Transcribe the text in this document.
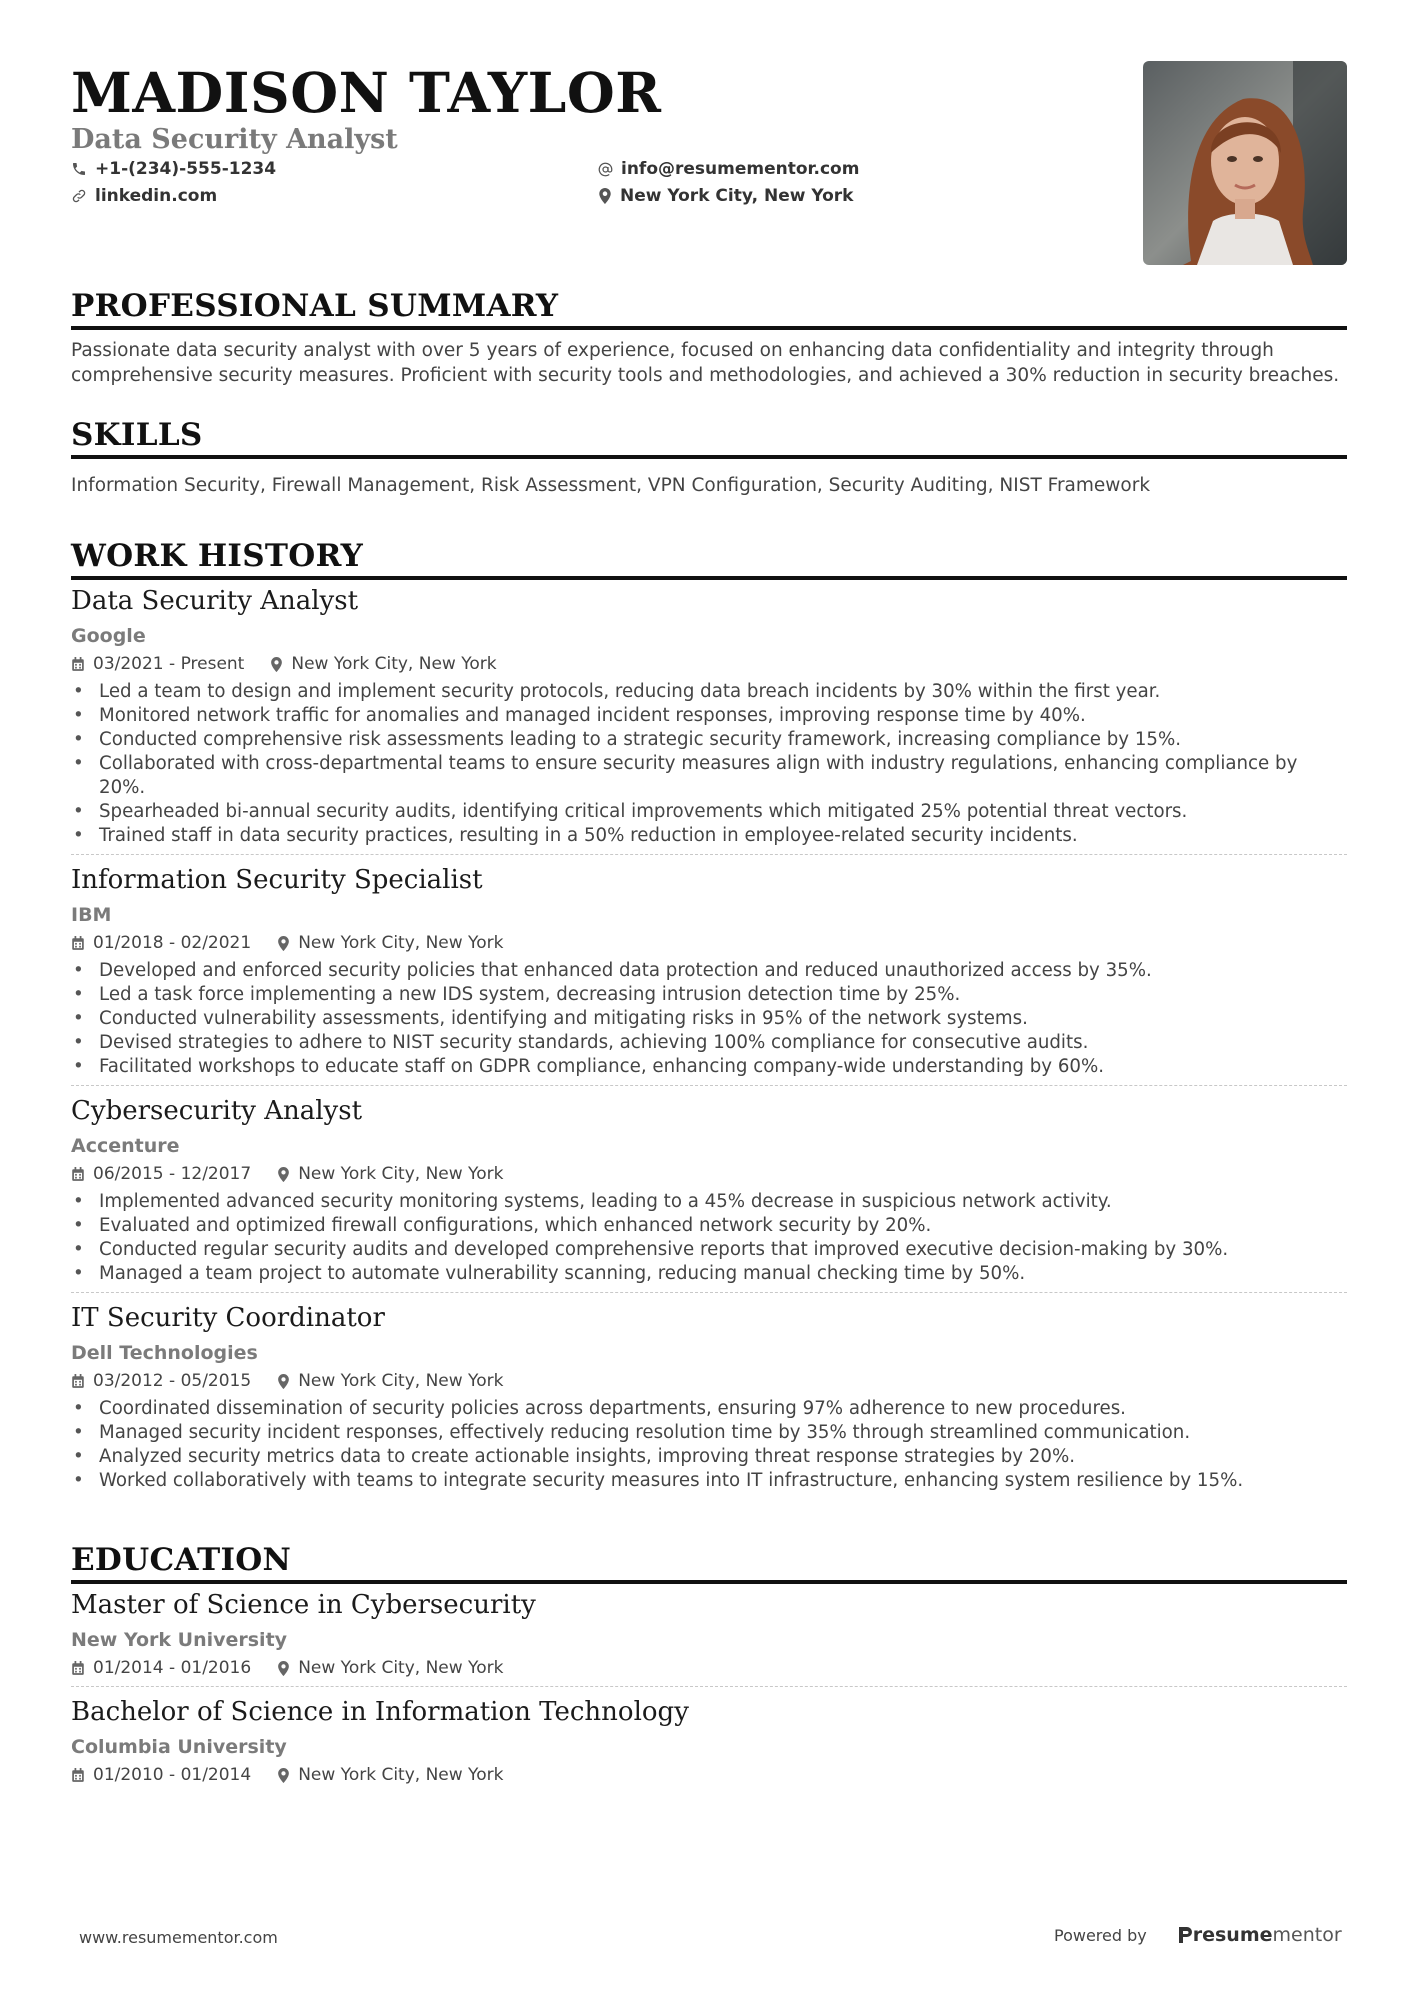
MADISON TAYLOR
Data Security Analyst
+1-(234)-555-1234	info@resumementor.com
linkedin.com	New York City, New York
PROFESSIONAL SUMMARY
Passionate data security analyst with over 5 years of experience, focused on enhancing data confidentiality and integrity through comprehensive security measures. Proficient with security tools and methodologies, and achieved a 30% reduction in security breaches.
SKILLS
Information Security, Firewall Management, Risk Assessment, VPN Configuration, Security Auditing, NIST Framework
WORK HISTORY
Data Security Analyst
Google
03/2021 - Present	New York City, New York
• Led a team to design and implement security protocols, reducing data breach incidents by 30% within the first year.
• Monitored network traffic for anomalies and managed incident responses, improving response time by 40%.
• Conducted comprehensive risk assessments leading to a strategic security framework, increasing compliance by 15%.
• Collaborated with cross-departmental teams to ensure security measures align with industry regulations, enhancing compliance by 20%.
• Spearheaded bi-annual security audits, identifying critical improvements which mitigated 25% potential threat vectors.
• Trained staff in data security practices, resulting in a 50% reduction in employee-related security incidents.
Information Security Specialist
IBM
01/2018 - 02/2021	New York City, New York
• Developed and enforced security policies that enhanced data protection and reduced unauthorized access by 35%.
• Led a task force implementing a new IDS system, decreasing intrusion detection time by 25%.
• Conducted vulnerability assessments, identifying and mitigating risks in 95% of the network systems.
• Devised strategies to adhere to NIST security standards, achieving 100% compliance for consecutive audits.
• Facilitated workshops to educate staff on GDPR compliance, enhancing company-wide understanding by 60%.
Cybersecurity Analyst
Accenture
06/2015 - 12/2017	New York City, New York
• Implemented advanced security monitoring systems, leading to a 45% decrease in suspicious network activity.
• Evaluated and optimized firewall configurations, which enhanced network security by 20%.
• Conducted regular security audits and developed comprehensive reports that improved executive decision-making by 30%.
• Managed a team project to automate vulnerability scanning, reducing manual checking time by 50%.
IT Security Coordinator
Dell Technologies
03/2012 - 05/2015	New York City, New York
• Coordinated dissemination of security policies across departments, ensuring 97% adherence to new procedures.
• Managed security incident responses, effectively reducing resolution time by 35% through streamlined communication.
• Analyzed security metrics data to create actionable insights, improving threat response strategies by 20%.
• Worked collaboratively with teams to integrate security measures into IT infrastructure, enhancing system resilience by 15%.
EDUCATION
Master of Science in Cybersecurity
New York University
01/2014 - 01/2016	New York City, New York
Bachelor of Science in Information Technology
Columbia University
01/2010 - 01/2014	New York City, New York
www.resumementor.com	Powered by resume mentor
